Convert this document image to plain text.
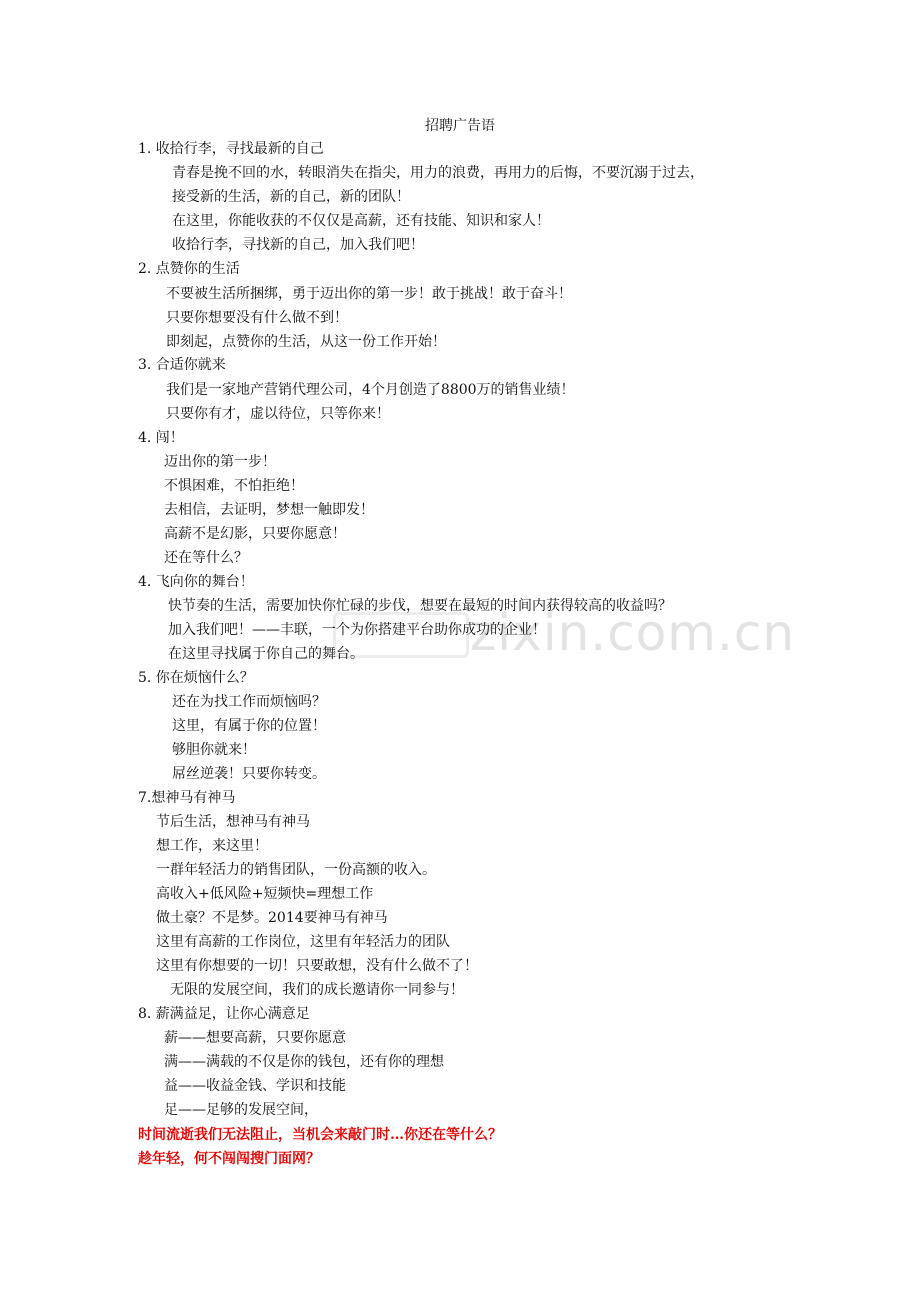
zixin.com.cn

招聘广告语

1. 收拾行李，寻找最新的自己

青春是挽不回的水，转眼消失在指尖，用力的浪费，再用力的后悔，不要沉溺于过去，

接受新的生活，新的自己，新的团队！

在这里，你能收获的不仅仅是高薪，还有技能、知识和家人！

收拾行李，寻找新的自己，加入我们吧！

2. 点赞你的生活

不要被生活所捆绑，勇于迈出你的第一步！敢于挑战！敢于奋斗！

只要你想要没有什么做不到！

即刻起，点赞你的生活，从这一份工作开始！

3. 合适你就来

我们是一家地产营销代理公司，4个月创造了8800万的销售业绩！

只要你有才，虚以待位，只等你来！

4. 闯！

迈出你的第一步！

不惧困难，不怕拒绝！

去相信，去证明，梦想一触即发！

高薪不是幻影，只要你愿意！

还在等什么？

4. 飞向你的舞台！

快节奏的生活，需要加快你忙碌的步伐，想要在最短的时间内获得较高的收益吗？

加入我们吧！——丰联，一个为你搭建平台助你成功的企业！

在这里寻找属于你自己的舞台。

5. 你在烦恼什么？

还在为找工作而烦恼吗？

这里，有属于你的位置！

够胆你就来！

屌丝逆袭！只要你转变。

7.想神马有神马

节后生活，想神马有神马

想工作，来这里！

一群年轻活力的销售团队，一份高额的收入。

高收入+低风险+短频快=理想工作

做土豪？不是梦。2014要神马有神马

这里有高薪的工作岗位，这里有年轻活力的团队

这里有你想要的一切！只要敢想，没有什么做不了！

无限的发展空间，我们的成长邀请你一同参与！

8. 薪满益足，让你心满意足

薪——想要高薪，只要你愿意

满——满载的不仅是你的钱包，还有你的理想

益——收益金钱、学识和技能

足——足够的发展空间，

时间流逝我们无法阻止，当机会来敲门时…你还在等什么？

趁年轻，何不闯闯搜门面网？
